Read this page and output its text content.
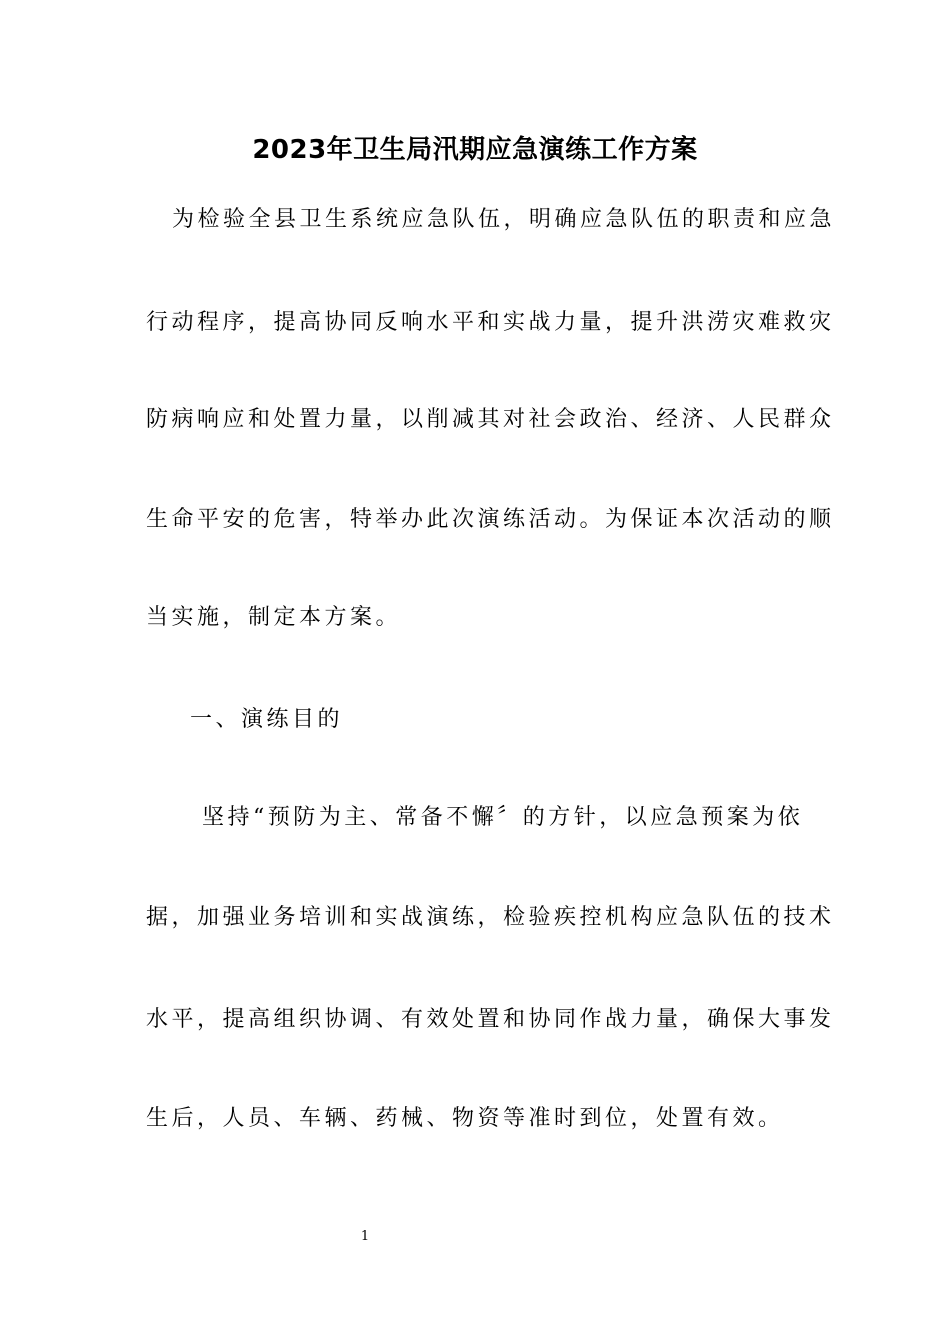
2023年卫生局汛期应急演练工作方案
为检验全县卫生系统应急队伍，明确应急队伍的职责和应急
行动程序，提高协同反响水平和实战力量，提升洪涝灾难救灾
防病响应和处置力量，以削减其对社会政治、经济、人民群众
生命平安的危害，特举办此次演练活动。为保证本次活动的顺
当实施，制定本方案。
一、演练目的
坚持“预防为主、常备不懈〞的方针，以应急预案为依
据，加强业务培训和实战演练，检验疾控机构应急队伍的技术
水平，提高组织协调、有效处置和协同作战力量，确保大事发
生后，人员、车辆、药械、物资等准时到位，处置有效。
1
